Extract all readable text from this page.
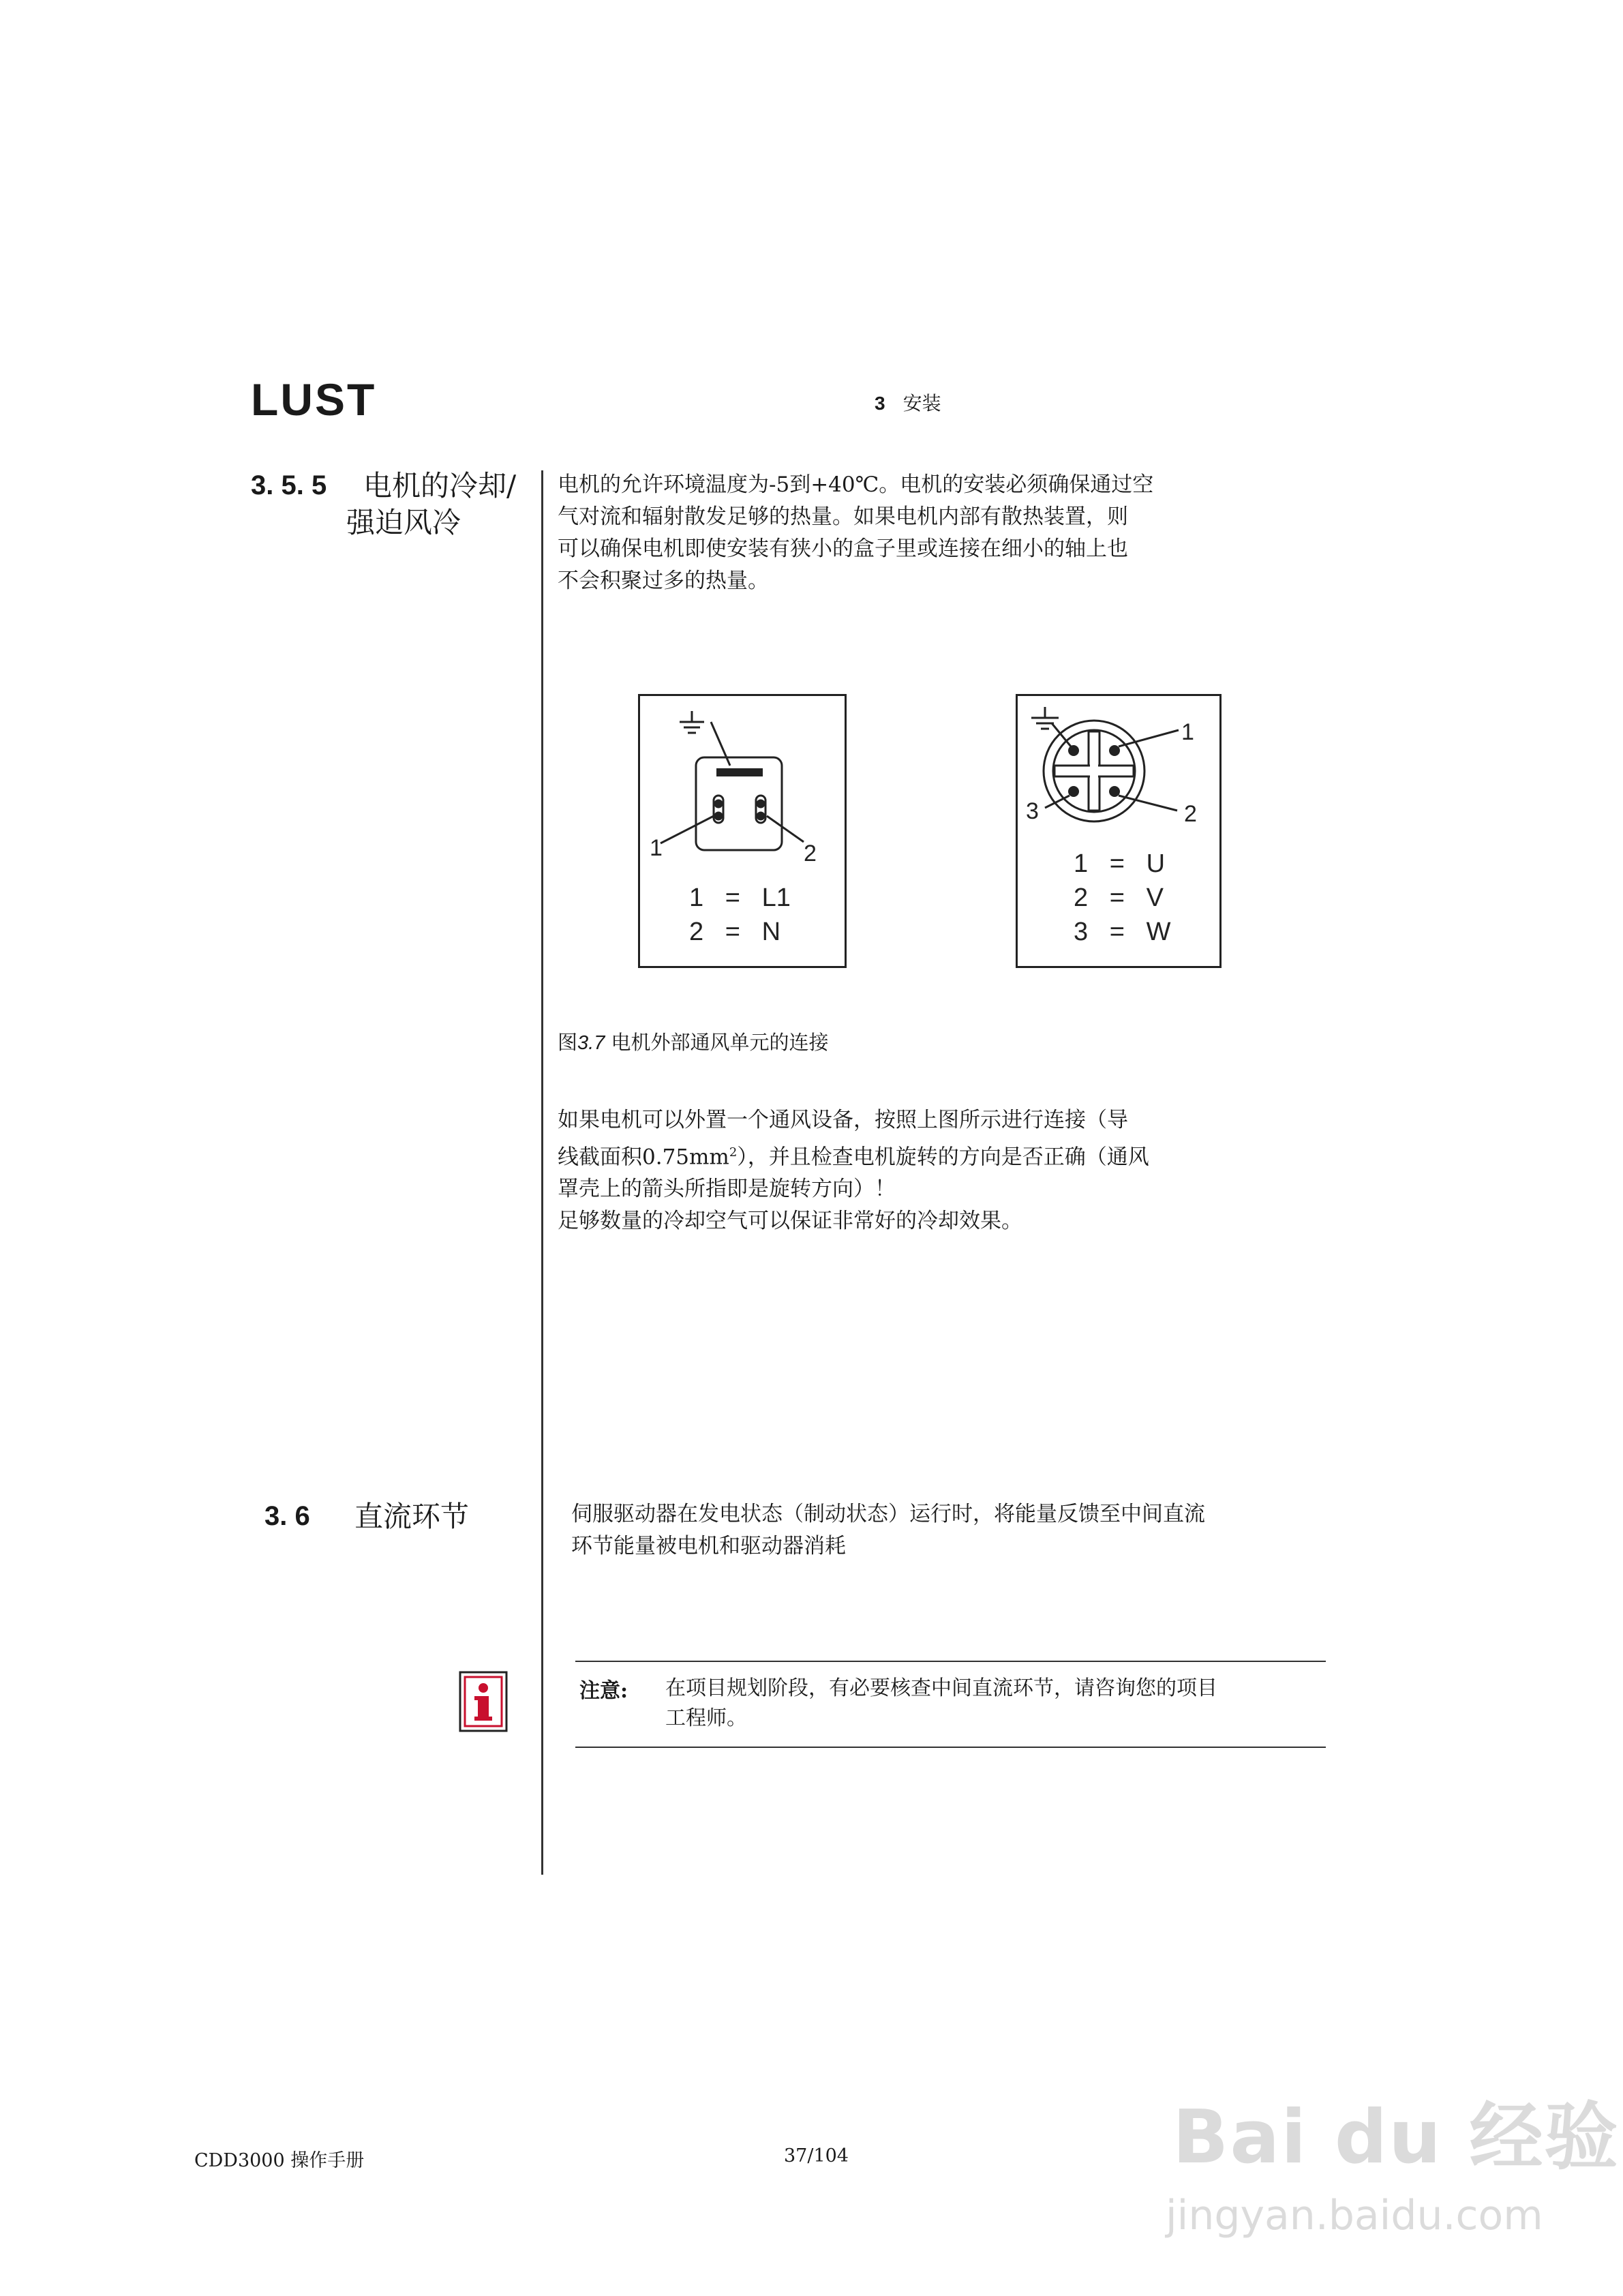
LUST	3 安装
3. 5. 5 电机的冷却/
强迫风冷

电机的允许环境温度为-5到+40℃。电机的安装必须确保通过空

气对流和辐射散发足够的热量。如果电机内部有散热装置，则

可以确保电机即使安装有狭小的盒子里或连接在细小的轴上也

不会积聚过多的热量。

1	2
1   =   L1
2   =   N
1
3	2
1   =   U
2   =   V
3   =   W
图3.7 电机外部通风单元的连接

如果电机可以外置一个通风设备，按照上图所示进行连接（导

线截面积$0.75mm^2$），并且检查电机旋转的方向是否正确（通风

罩壳上的箭头所指即是旋转方向）！

足够数量的冷却空气可以保证非常好的冷却效果。

3. 6 直流环节	伺服驱动器在发电状态（制动状态）运行时，将能量反馈至中间直流

环节能量被电机和驱动器消耗

注意: 在项目规划阶段，有必要核查中间直流环节，请咨询您的项目
工程师。
CDD3000 操作手册	37/104	Bai du 经验
jingyan.baidu.com
